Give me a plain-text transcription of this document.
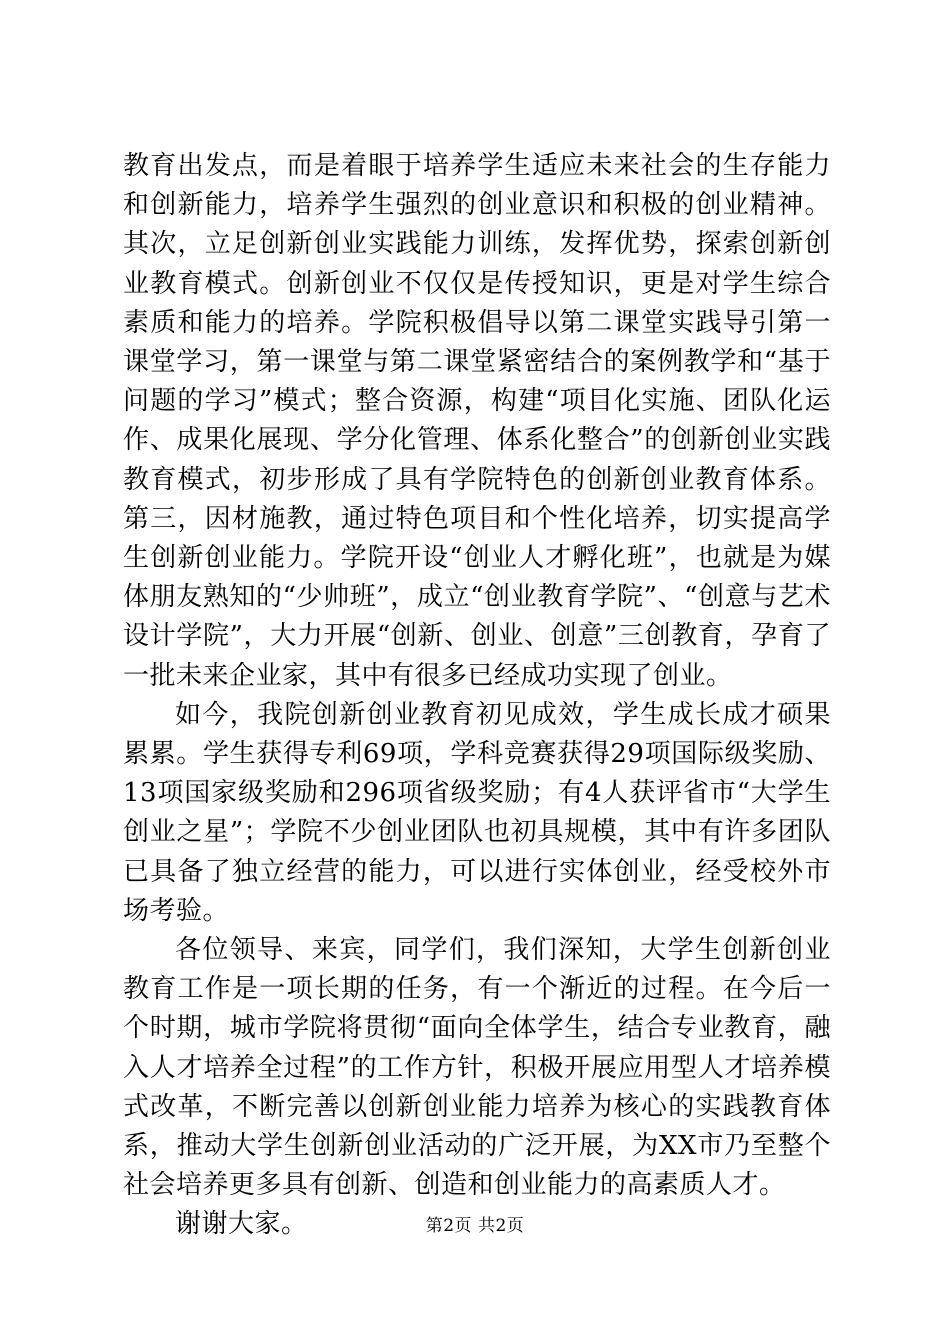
教育出发点，而是着眼于培养学生适应未来社会的生存能力和创新能力，培养学生强烈的创业意识和积极的创业精神。其次，立足创新创业实践能力训练，发挥优势，探索创新创业教育模式。创新创业不仅仅是传授知识，更是对学生综合素质和能力的培养。学院积极倡导以第二课堂实践导引第一课堂学习，第一课堂与第二课堂紧密结合的案例教学和“基于问题的学习”模式；整合资源，构建“项目化实施、团队化运作、成果化展现、学分化管理、体系化整合”的创新创业实践教育模式，初步形成了具有学院特色的创新创业教育体系。第三，因材施教，通过特色项目和个性化培养，切实提高学生创新创业能力。学院开设“创业人才孵化班”，也就是为媒体朋友熟知的“少帅班”，成立“创业教育学院”、“创意与艺术设计学院”，大力开展“创新、创业、创意”三创教育，孕育了一批未来企业家，其中有很多已经成功实现了创业。

如今，我院创新创业教育初见成效，学生成长成才硕果累累。学生获得专利69项，学科竞赛获得29项国际级奖励、13项国家级奖励和296项省级奖励；有4人获评省市“大学生创业之星”；学院不少创业团队也初具规模，其中有许多团队已具备了独立经营的能力，可以进行实体创业，经受校外市场考验。

各位领导、来宾，同学们，我们深知，大学生创新创业教育工作是一项长期的任务，有一个渐近的过程。在今后一个时期，城市学院将贯彻“面向全体学生，结合专业教育，融入人才培养全过程”的工作方针，积极开展应用型人才培养模式改革，不断完善以创新创业能力培养为核心的实践教育体系，推动大学生创新创业活动的广泛开展，为XX市乃至整个社会培养更多具有创新、创造和创业能力的高素质人才。

谢谢大家。	第2页 共2页
